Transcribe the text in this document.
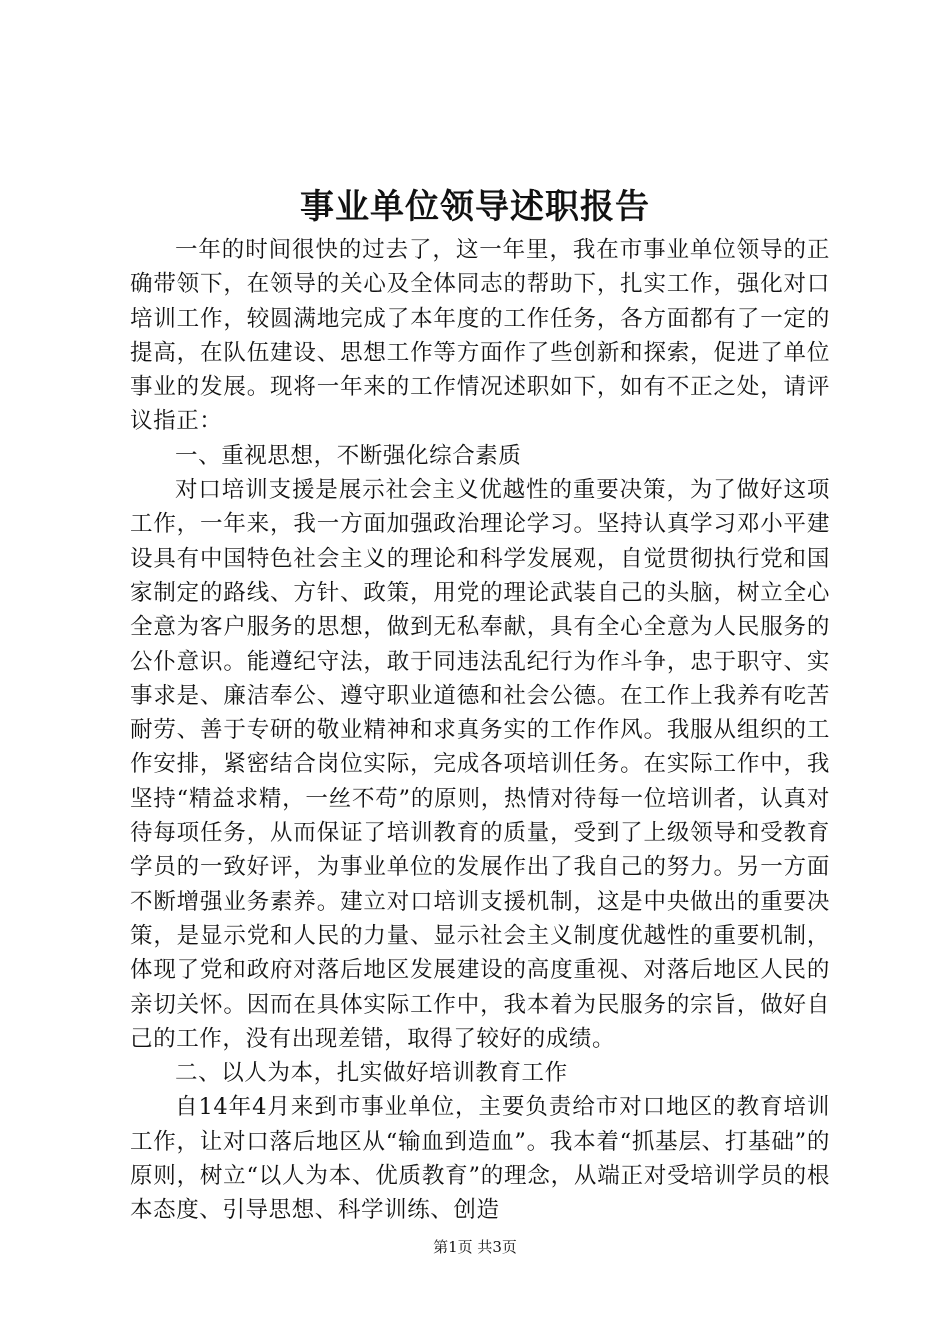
事业单位领导述职报告

一年的时间很快的过去了，这一年里，我在市事业单位领导的正确带领下，在领导的关心及全体同志的帮助下，扎实工作，强化对口培训工作，较圆满地完成了本年度的工作任务，各方面都有了一定的提高，在队伍建设、思想工作等方面作了些创新和探索，促进了单位事业的发展。现将一年来的工作情况述职如下，如有不正之处，请评议指正：

一、重视思想，不断强化综合素质

对口培训支援是展示社会主义优越性的重要决策，为了做好这项工作，一年来，我一方面加强政治理论学习。坚持认真学习邓小平建设具有中国特色社会主义的理论和科学发展观，自觉贯彻执行党和国家制定的路线、方针、政策，用党的理论武装自己的头脑，树立全心全意为客户服务的思想，做到无私奉献，具有全心全意为人民服务的公仆意识。能遵纪守法，敢于同违法乱纪行为作斗争，忠于职守、实事求是、廉洁奉公、遵守职业道德和社会公德。在工作上我养有吃苦耐劳、善于专研的敬业精神和求真务实的工作作风。我服从组织的工作安排，紧密结合岗位实际，完成各项培训任务。在实际工作中，我坚持“精益求精，一丝不苟”的原则，热情对待每一位培训者，认真对待每项任务，从而保证了培训教育的质量，受到了上级领导和受教育学员的一致好评，为事业单位的发展作出了我自己的努力。另一方面不断增强业务素养。建立对口培训支援机制，这是中央做出的重要决策，是显示党和人民的力量、显示社会主义制度优越性的重要机制，体现了党和政府对落后地区发展建设的高度重视、对落后地区人民的亲切关怀。因而在具体实际工作中，我本着为民服务的宗旨，做好自己的工作，没有出现差错，取得了较好的成绩。

二、以人为本，扎实做好培训教育工作

自14年4月来到市事业单位，主要负责给市对口地区的教育培训工作，让对口落后地区从“输血到造血”。我本着“抓基层、打基础”的原则，树立“以人为本、优质教育”的理念，从端正对受培训学员的根本态度、引导思想、科学训练、创造

第1页 共3页
